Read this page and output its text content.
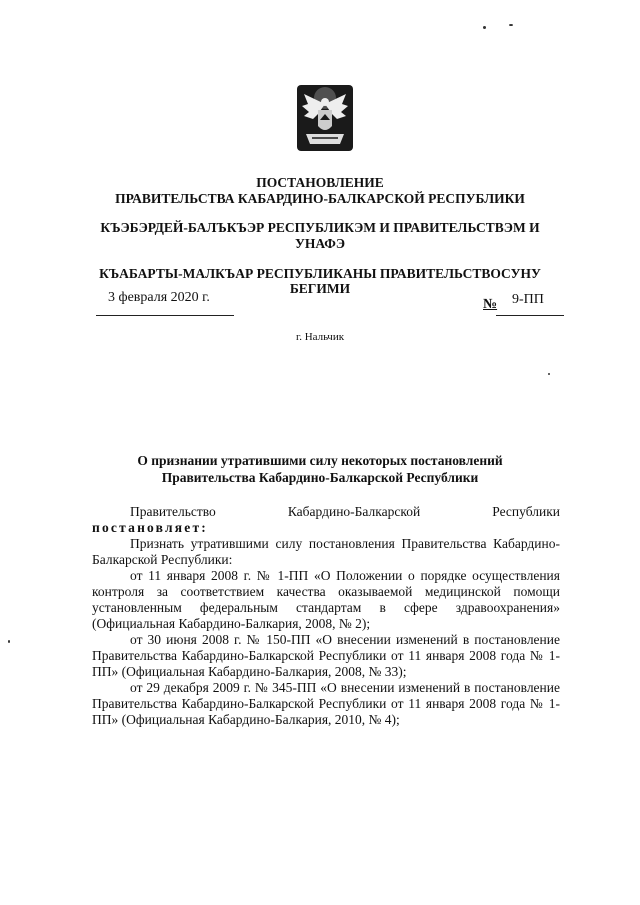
ПОСТАНОВЛЕНИЕ
ПРАВИТЕЛЬСТВА КАБАРДИНО-БАЛКАРСКОЙ РЕСПУБЛИКИ
КЪЭБЭРДЕЙ-БАЛЪКЪЭР РЕСПУБЛИКЭМ И ПРАВИТЕЛЬСТВЭМ И
УНАФЭ
КЪАБАРТЫ-МАЛКЪАР РЕСПУБЛИКАНЫ ПРАВИТЕЛЬСТВОСУНУ
БЕГИМИ
3 февраля 2020 г.	№ 9-ПП
г. Нальчик
О признании утратившими силу некоторых постановлений
Правительства Кабардино-Балкарской Республики
Правительство	Кабардино-Балкарской	Республики
постановляет:

Признать утратившими силу постановления Правительства Кабардино-Балкарской Республики:

от 11 января 2008 г. № 1-ПП «О Положении о порядке осуществления контроля за соответствием качества оказываемой медицинской помощи установленным федеральным стандартам в сфере здравоохранения» (Официальная Кабардино-Балкария, 2008, № 2);

от 30 июня 2008 г. № 150-ПП «О внесении изменений в постановление Правительства Кабардино-Балкарской Республики от 11 января 2008 года № 1-ПП» (Официальная Кабардино-Балкария, 2008, № 33);

от 29 декабря 2009 г. № 345-ПП «О внесении изменений в постановление Правительства Кабардино-Балкарской Республики от 11 января 2008 года № 1-ПП» (Официальная Кабардино-Балкария, 2010, № 4);
